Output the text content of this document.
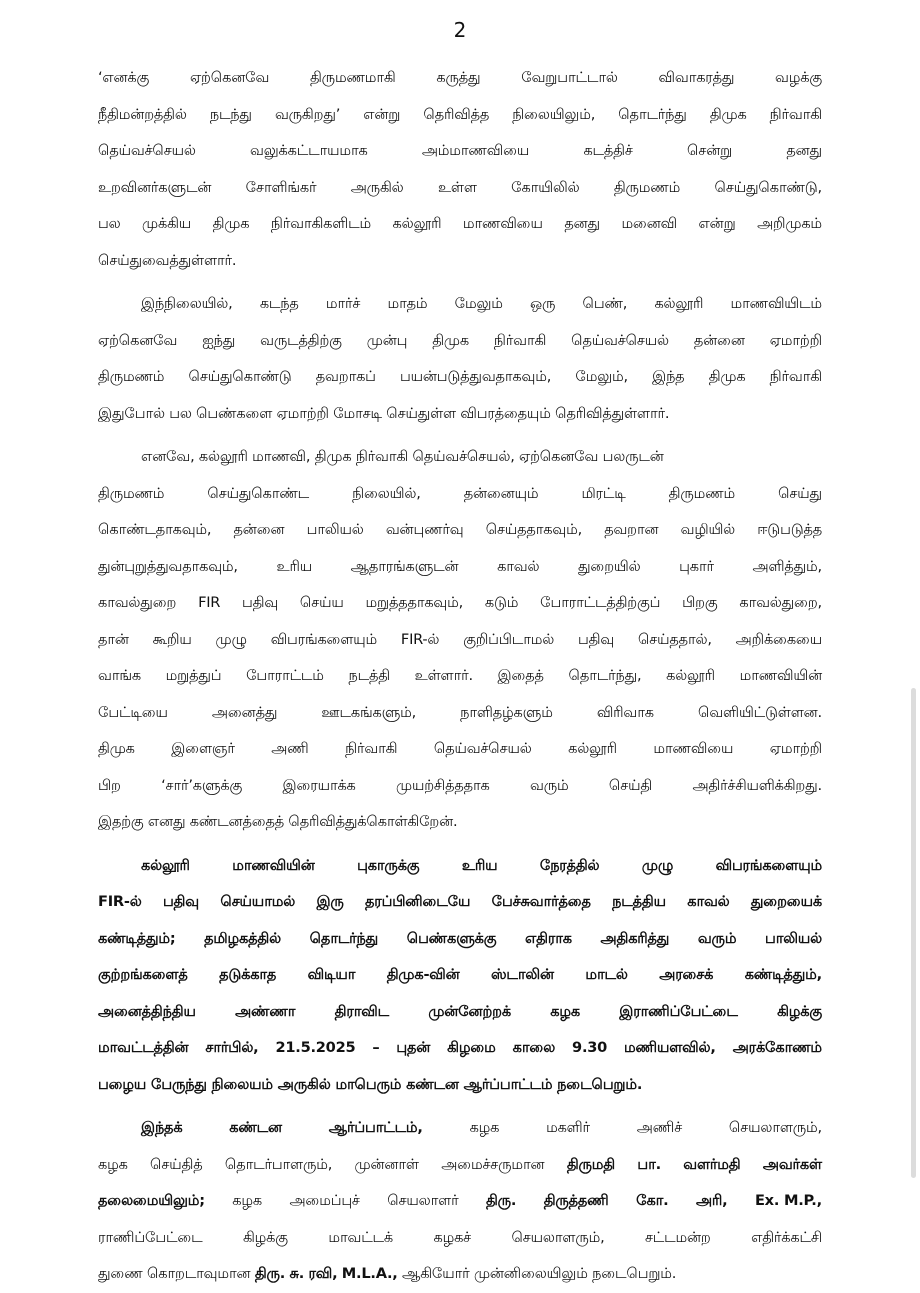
2
‘எனக்கு	ஏற்கெனவே	திருமணமாகி	கருத்து	வேறுபாட்டால்	விவாகரத்து	வழக்கு
நீதிமன்றத்தில் நடந்து வருகிறது’ என்று தெரிவித்த நிலையிலும், தொடர்ந்து திமுக நிர்வாகி
தெய்வச்செயல்	வலுக்கட்டாயமாக	அம்மாணவியை	கடத்திச்	சென்று	தனது
உறவினர்களுடன் சோளிங்கர் அருகில் உள்ள கோயிலில் திருமணம் செய்துகொண்டு,
பல முக்கிய திமுக நிர்வாகிகளிடம் கல்லூரி மாணவியை தனது மனைவி என்று அறிமுகம்
செய்துவைத்துள்ளார்.
இந்நிலையில், கடந்த மார்ச் மாதம் மேலும் ஒரு பெண், கல்லூரி மாணவியிடம்
ஏற்கெனவே ஐந்து வருடத்திற்கு முன்பு திமுக நிர்வாகி தெய்வச்செயல் தன்னை ஏமாற்றி
திருமணம் செய்துகொண்டு தவறாகப் பயன்படுத்துவதாகவும், மேலும், இந்த திமுக நிர்வாகி
இதுபோல்
பல
பெண்களை
ஏமாற்றி
மோசடி
செய்துள்ள
விபரத்தையும்
தெரிவித்துள்ளார்.
எனவே,
கல்லூரி
மாணவி,
திமுக
நிர்வாகி
தெய்வச்செயல்,
ஏற்கெனவே
பலருடன்
திருமணம்	செய்துகொண்ட	நிலையில்,	தன்னையும்	மிரட்டி	திருமணம்	செய்து
கொண்டதாகவும், தன்னை பாலியல் வன்புணர்வு செய்ததாகவும், தவறான வழியில் ஈடுபடுத்த
துன்புறுத்துவதாகவும்,	உரிய	ஆதாரங்களுடன்	காவல்	துறையில்	புகார்	அளித்தும்,
காவல்துறை FIR பதிவு செய்ய மறுத்ததாகவும், கடும் போராட்டத்திற்குப் பிறகு காவல்துறை,
தான் கூறிய முழு விபரங்களையும் FIR-ல் குறிப்பிடாமல் பதிவு செய்ததால், அறிக்கையை
வாங்க மறுத்துப் போராட்டம் நடத்தி உள்ளார். இதைத் தொடர்ந்து, கல்லூரி மாணவியின்
பேட்டியை	அனைத்து	ஊடகங்களும்,	நாளிதழ்களும்	விரிவாக	வெளியிட்டுள்ளன.
திமுக இளைஞர் அணி நிர்வாகி தெய்வச்செயல் கல்லூரி மாணவியை ஏமாற்றி
பிற	‘சார்’களுக்கு	இரையாக்க	முயற்சித்ததாக	வரும்	செய்தி	அதிர்ச்சியளிக்கிறது.
இதற்கு
எனது
கண்டனத்தைத்
தெரிவித்துக்கொள்கிறேன்.
கல்லூரி	மாணவியின்	புகாருக்கு	உரிய	நேரத்தில்	முழு	விபரங்களையும்
FIR-ல் பதிவு செய்யாமல் இரு தரப்பினிடையே பேச்சுவார்த்தை நடத்திய காவல் துறையைக்
கண்டித்தும்; தமிழகத்தில் தொடர்ந்து பெண்களுக்கு எதிராக அதிகரித்து வரும் பாலியல்
குற்றங்களைத் தடுக்காத விடியா திமுக-வின் ஸ்டாலின் மாடல் அரசைக் கண்டித்தும்,
அனைத்திந்திய	அண்ணா	திராவிட	முன்னேற்றக்	கழக	இராணிப்பேட்டை	கிழக்கு
மாவட்டத்தின் சார்பில், 21.5.2025 – புதன் கிழமை காலை 9.30 மணியளவில், அரக்கோணம்
பழைய
பேருந்து
நிலையம்
அருகில்
மாபெரும்
கண்டன
ஆர்ப்பாட்டம்
நடைபெறும்.
இந்தக்	கண்டன	ஆர்ப்பாட்டம்,	கழக	மகளிர்	அணிச்	செயலாளரும்,
கழக செய்தித் தொடர்பாளரும், முன்னாள் அமைச்சருமான திருமதி பா. வளர்மதி அவர்கள்
தலைமையிலும்; கழக அமைப்புச் செயலாளர் திரு. திருத்தணி கோ. அரி, Ex. M.P.,
ராணிப்பேட்டை	கிழக்கு	மாவட்டக்	கழகச்	செயலாளரும்,	சட்டமன்ற	எதிர்க்கட்சி
துணை
கொறடாவுமான
திரு.
சு.
ரவி,
M.L.A.,
ஆகியோர்
முன்னிலையிலும்
நடைபெறும்.
